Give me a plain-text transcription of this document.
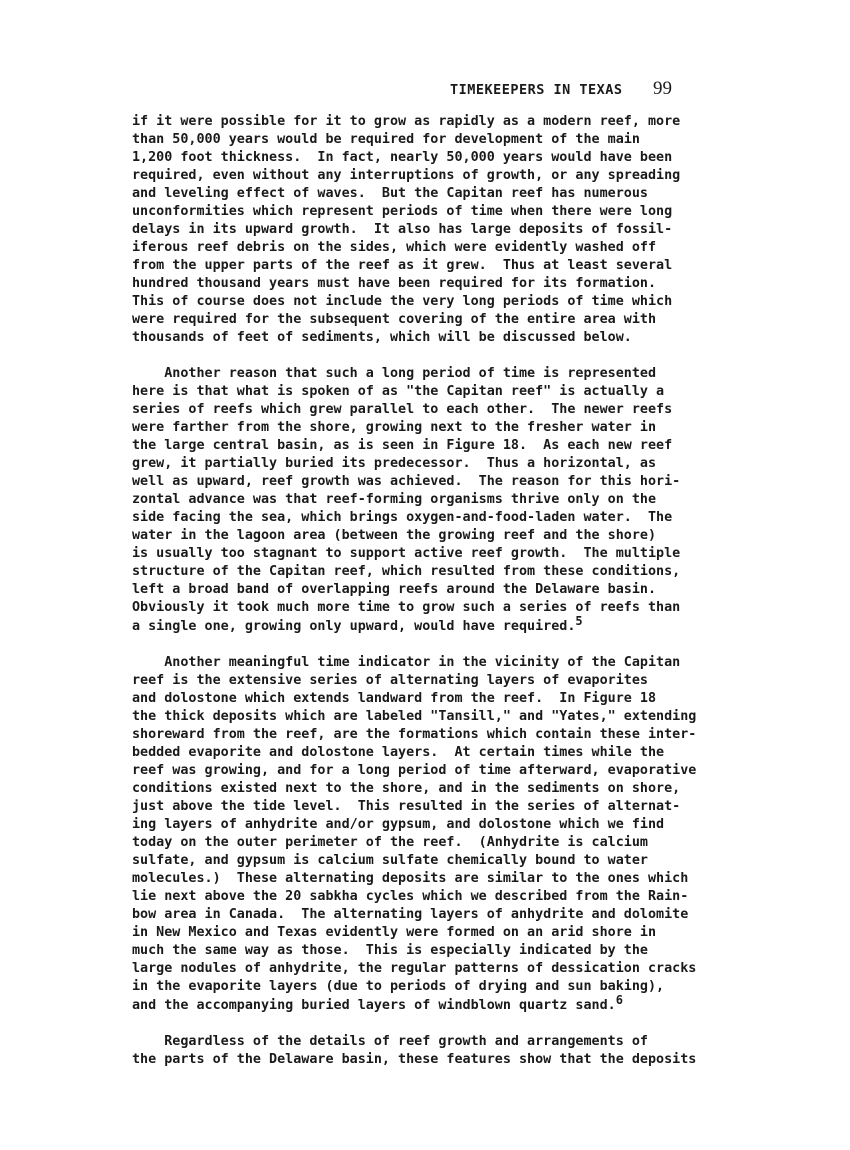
TIMEKEEPERS IN TEXAS 99
if it were possible for it to grow as rapidly as a modern reef, more
than 50,000 years would be required for development of the main
1,200 foot thickness.  In fact, nearly 50,000 years would have been
required, even without any interruptions of growth, or any spreading
and leveling effect of waves.  But the Capitan reef has numerous
unconformities which represent periods of time when there were long
delays in its upward growth.  It also has large deposits of fossil-
iferous reef debris on the sides, which were evidently washed off
from the upper parts of the reef as it grew.  Thus at least several
hundred thousand years must have been required for its formation.
This of course does not include the very long periods of time which
were required for the subsequent covering of the entire area with
thousands of feet of sediments, which will be discussed below.
Another reason that such a long period of time is represented
here is that what is spoken of as "the Capitan reef" is actually a
series of reefs which grew parallel to each other.  The newer reefs
were farther from the shore, growing next to the fresher water in
the large central basin, as is seen in Figure 18.  As each new reef
grew, it partially buried its predecessor.  Thus a horizontal, as
well as upward, reef growth was achieved.  The reason for this hori-
zontal advance was that reef-forming organisms thrive only on the
side facing the sea, which brings oxygen-and-food-laden water.  The
water in the lagoon area (between the growing reef and the shore)
is usually too stagnant to support active reef growth.  The multiple
structure of the Capitan reef, which resulted from these conditions,
left a broad band of overlapping reefs around the Delaware basin.
Obviously it took much more time to grow such a series of reefs than
a single one, growing only upward, would have required.5
Another meaningful time indicator in the vicinity of the Capitan
reef is the extensive series of alternating layers of evaporites
and dolostone which extends landward from the reef.  In Figure 18
the thick deposits which are labeled "Tansill," and "Yates," extending
shoreward from the reef, are the formations which contain these inter-
bedded evaporite and dolostone layers.  At certain times while the
reef was growing, and for a long period of time afterward, evaporative
conditions existed next to the shore, and in the sediments on shore,
just above the tide level.  This resulted in the series of alternat-
ing layers of anhydrite and/or gypsum, and dolostone which we find
today on the outer perimeter of the reef.  (Anhydrite is calcium
sulfate, and gypsum is calcium sulfate chemically bound to water
molecules.)  These alternating deposits are similar to the ones which
lie next above the 20 sabkha cycles which we described from the Rain-
bow area in Canada.  The alternating layers of anhydrite and dolomite
in New Mexico and Texas evidently were formed on an arid shore in
much the same way as those.  This is especially indicated by the
large nodules of anhydrite, the regular patterns of dessication cracks
in the evaporite layers (due to periods of drying and sun baking),
and the accompanying buried layers of windblown quartz sand.6
Regardless of the details of reef growth and arrangements of
the parts of the Delaware basin, these features show that the deposits
